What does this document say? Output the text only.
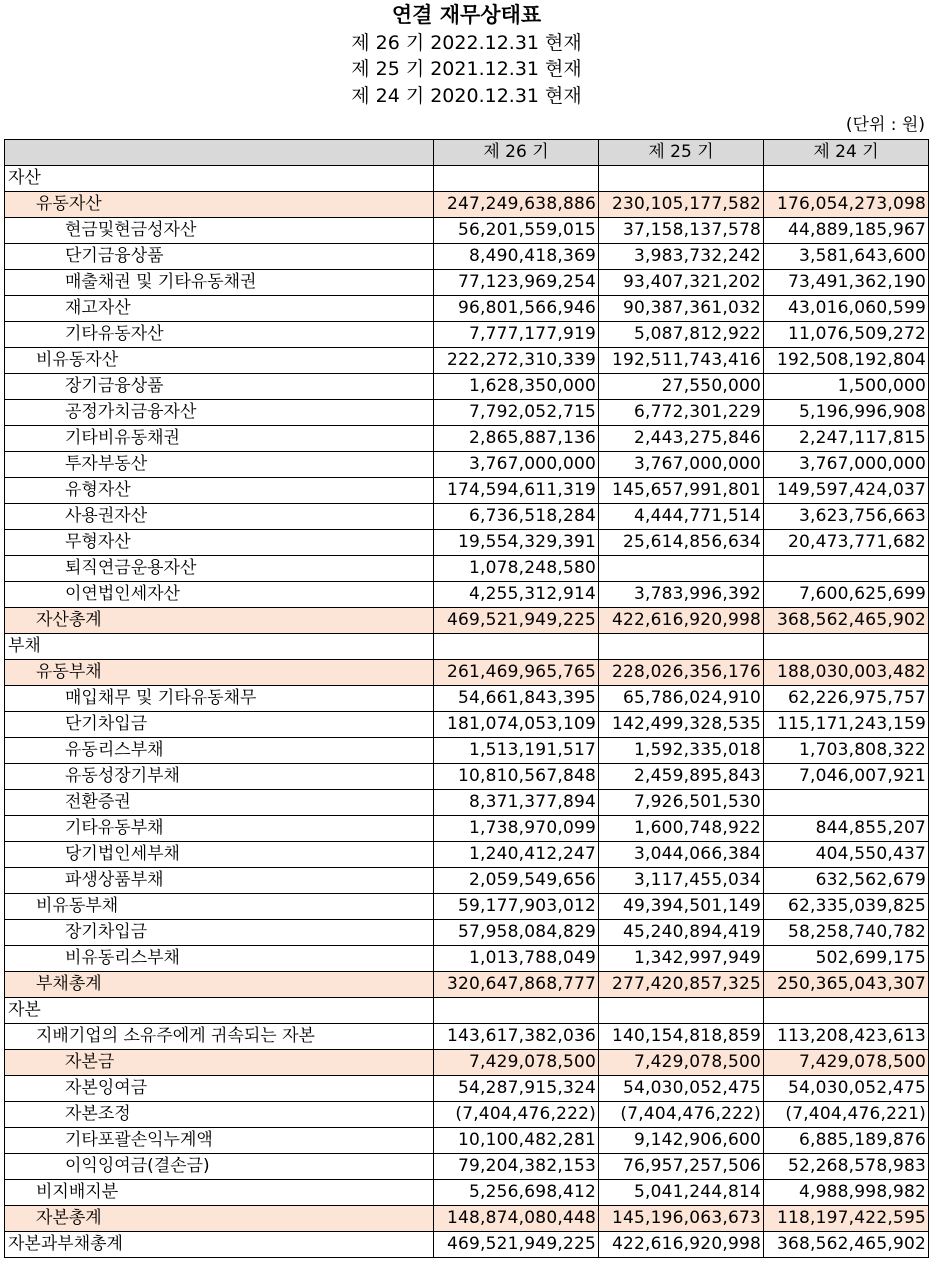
연결 재무상태표
제 26 기 2022.12.31 현재
제 25 기 2021.12.31 현재
제 24 기 2020.12.31 현재
(단위 : 원)
	제 26 기	제 25 기	제 24 기
자산			
유동자산	247,249,638,886	230,105,177,582	176,054,273,098
현금및현금성자산	56,201,559,015	37,158,137,578	44,889,185,967
단기금융상품	8,490,418,369	3,983,732,242	3,581,643,600
매출채권 및 기타유동채권	77,123,969,254	93,407,321,202	73,491,362,190
재고자산	96,801,566,946	90,387,361,032	43,016,060,599
기타유동자산	7,777,177,919	5,087,812,922	11,076,509,272
비유동자산	222,272,310,339	192,511,743,416	192,508,192,804
장기금융상품	1,628,350,000	27,550,000	1,500,000
공정가치금융자산	7,792,052,715	6,772,301,229	5,196,996,908
기타비유동채권	2,865,887,136	2,443,275,846	2,247,117,815
투자부동산	3,767,000,000	3,767,000,000	3,767,000,000
유형자산	174,594,611,319	145,657,991,801	149,597,424,037
사용권자산	6,736,518,284	4,444,771,514	3,623,756,663
무형자산	19,554,329,391	25,614,856,634	20,473,771,682
퇴직연금운용자산	1,078,248,580		
이연법인세자산	4,255,312,914	3,783,996,392	7,600,625,699
자산총계	469,521,949,225	422,616,920,998	368,562,465,902
부채			
유동부채	261,469,965,765	228,026,356,176	188,030,003,482
매입채무 및 기타유동채무	54,661,843,395	65,786,024,910	62,226,975,757
단기차입금	181,074,053,109	142,499,328,535	115,171,243,159
유동리스부채	1,513,191,517	1,592,335,018	1,703,808,322
유동성장기부채	10,810,567,848	2,459,895,843	7,046,007,921
전환증권	8,371,377,894	7,926,501,530	
기타유동부채	1,738,970,099	1,600,748,922	844,855,207
당기법인세부채	1,240,412,247	3,044,066,384	404,550,437
파생상품부채	2,059,549,656	3,117,455,034	632,562,679
비유동부채	59,177,903,012	49,394,501,149	62,335,039,825
장기차입금	57,958,084,829	45,240,894,419	58,258,740,782
비유동리스부채	1,013,788,049	1,342,997,949	502,699,175
부채총계	320,647,868,777	277,420,857,325	250,365,043,307
자본			
지배기업의 소유주에게 귀속되는 자본	143,617,382,036	140,154,818,859	113,208,423,613
자본금	7,429,078,500	7,429,078,500	7,429,078,500
자본잉여금	54,287,915,324	54,030,052,475	54,030,052,475
자본조정	(7,404,476,222)	(7,404,476,222)	(7,404,476,221)
기타포괄손익누계액	10,100,482,281	9,142,906,600	6,885,189,876
이익잉여금(결손금)	79,204,382,153	76,957,257,506	52,268,578,983
비지배지분	5,256,698,412	5,041,244,814	4,988,998,982
자본총계	148,874,080,448	145,196,063,673	118,197,422,595
자본과부채총계	469,521,949,225	422,616,920,998	368,562,465,902
